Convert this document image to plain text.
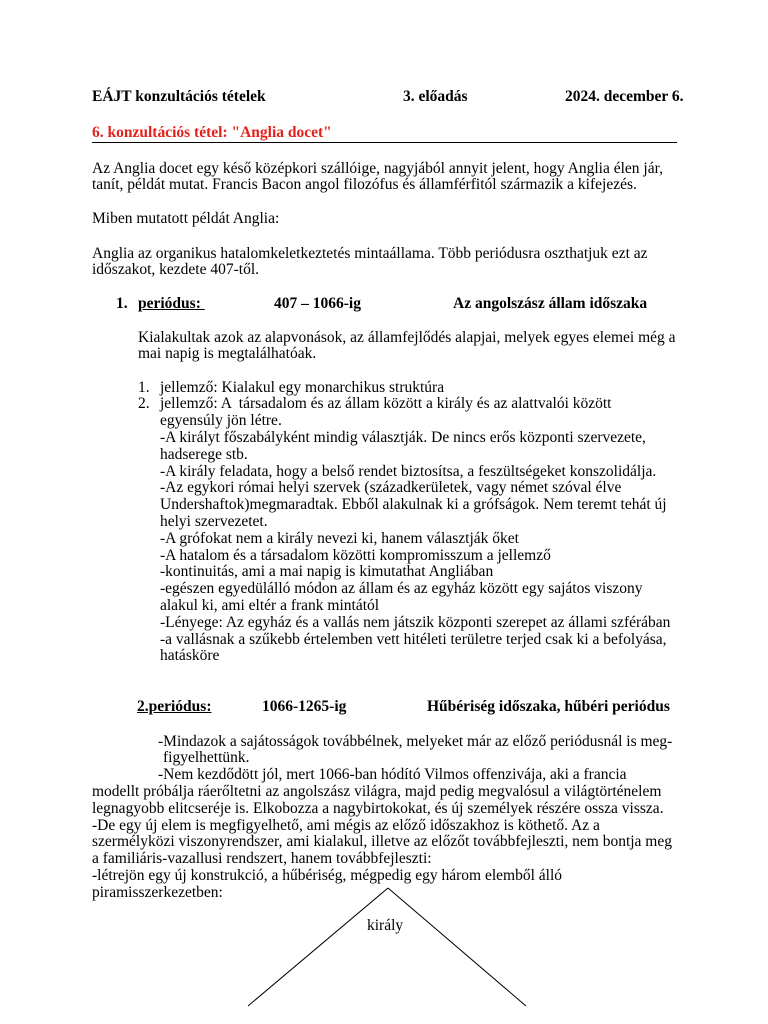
EÁJT konzultációs tételek	3. előadás	2024. december 6.
6. konzultációs tétel: "Anglia docet"
Az Anglia docet egy késő középkori szállóige, nagyjából annyit jelent, hogy Anglia élen jár,
tanít, példát mutat. Francis Bacon angol filozófus és államférfitól származik a kifejezés.
Miben mutatott példát Anglia:
Anglia az organikus hatalomkeletkeztetés mintaállama. Több periódusra oszthatjuk ezt az
időszakot, kezdete 407-től.
1. periódus:	407 – 1066-ig	Az angolszász állam időszaka
Kialakultak azok az alapvonások, az államfejlődés alapjai, melyek egyes elemei még a
mai napig is megtalálhatóak.
1. jellemző: Kialakul egy monarchikus struktúra
2. jellemző: A  társadalom és az állam között a király és az alattvalói között
egyensúly jön létre.
-A királyt főszabályként mindig választják. De nincs erős központi szervezete,
hadserege stb.
-A király feladata, hogy a belső rendet biztosítsa, a feszültségeket konszolidálja.
-Az egykori római helyi szervek (századkerületek, vagy német szóval élve
Undershaftok)megmaradtak. Ebből alakulnak ki a grófságok. Nem teremt tehát új
helyi szervezetet.
-A grófokat nem a király nevezi ki, hanem választják őket
-A hatalom és a társadalom közötti kompromisszum a jellemző
-kontinuitás, ami a mai napig is kimutathat Angliában
-egészen egyedülálló módon az állam és az egyház között egy sajátos viszony
alakul ki, ami eltér a frank mintától
-Lényege: Az egyház és a vallás nem játszik központi szerepet az állami szférában
-a vallásnak a szűkebb értelemben vett hitéleti területre terjed csak ki a befolyása,
hatásköre
2.periódus:	1066-1265-ig	Hűbériség időszaka, hűbéri periódus
-Mindazok a sajátosságok továbbélnek, melyeket már az előző periódusnál is meg-
figyelhettünk.
-Nem kezdődött jól, mert 1066-ban hódító Vilmos offenzivája, aki a francia
modellt próbálja ráerőltetni az angolszász világra, majd pedig megvalósul a világtörténelem
legnagyobb elitcseréje is. Elkobozza a nagybirtokokat, és új személyek részére ossza vissza.
-De egy új elem is megfigyelhető, ami mégis az előző időszakhoz is köthető. Az a
szermélyközi viszonyrendszer, ami kialakul, illetve az előzőt továbbfejleszti, nem bontja meg
a familiáris-vazallusi rendszert, hanem továbbfejleszti:
-létrejön egy új konstrukció, a hűbériség, mégpedig egy három elemből álló
piramisszerkezetben:
király
